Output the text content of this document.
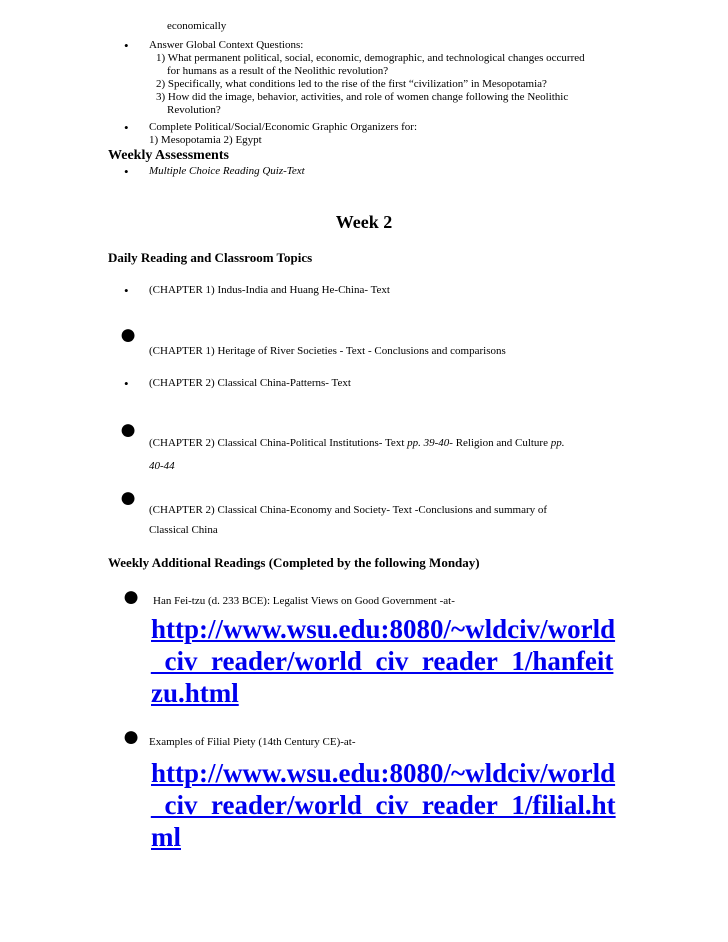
economically
• Answer Global Context Questions:
1) What permanent political, social, economic, demographic, and technological changes occurred
for humans as a result of the Neolithic revolution?
2) Specifically, what conditions led to the rise of the first “civilization” in Mesopotamia?
3) How did the image, behavior, activities, and role of women change following the Neolithic
Revolution?
• Complete Political/Social/Economic Graphic Organizers for:
1) Mesopotamia 2) Egypt
Weekly Assessments
• Multiple Choice Reading Quiz-Text
Week 2
Daily Reading and Classroom Topics
• (CHAPTER 1) Indus-India and Huang He-China- Text
● (CHAPTER 1) Heritage of River Societies - Text - Conclusions and comparisons
• (CHAPTER 2) Classical China-Patterns- Text
● (CHAPTER 2) Classical China-Political Institutions- Text pp. 39-40- Religion and Culture pp.
40-44
● (CHAPTER 2) Classical China-Economy and Society- Text -Conclusions and summary of
Classical China
Weekly Additional Readings (Completed by the following Monday)
● Han Fei-tzu (d. 233 BCE): Legalist Views on Good Government -at-
http://www.wsu.edu:8080/~wldciv/world_civ_reader/world_civ_reader_1/hanfeitzu.html
● Examples of Filial Piety (14th Century CE)-at-
http://www.wsu.edu:8080/~wldciv/world_civ_reader/world_civ_reader_1/filial.html
